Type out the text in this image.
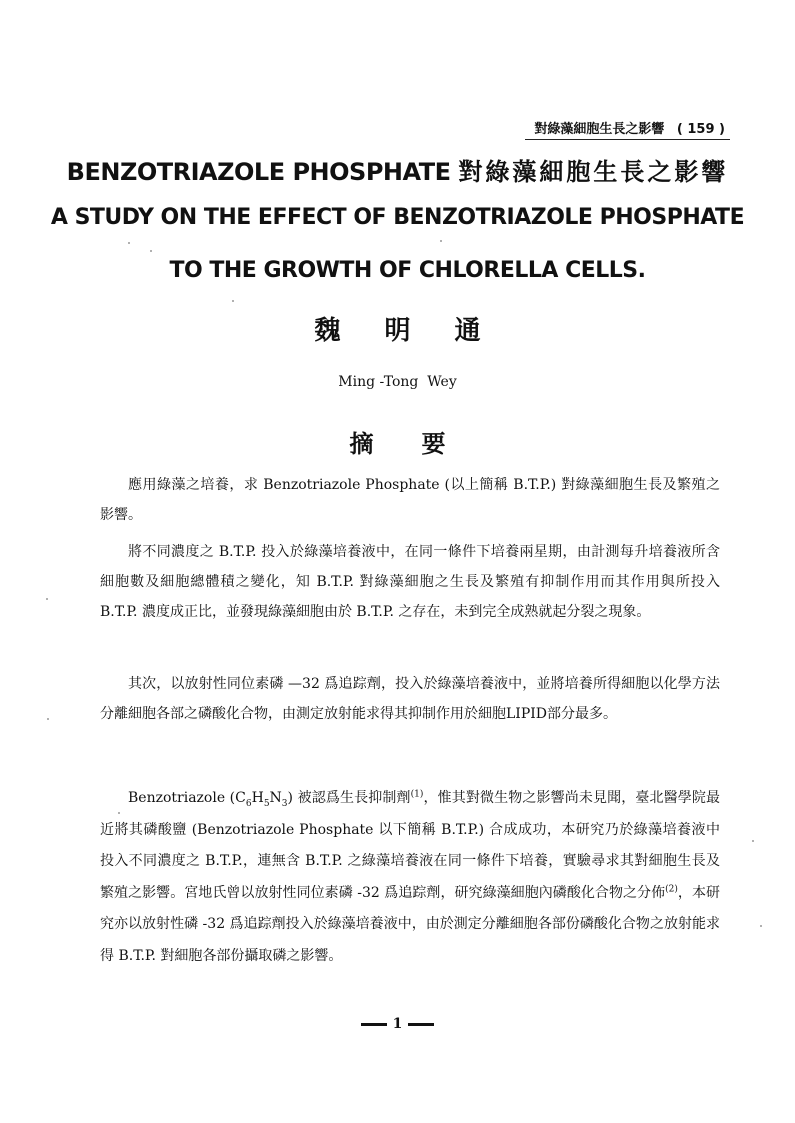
對綠藻細胞生長之影響 ( 159 )
BENZOTRIAZOLE PHOSPHATE 對綠藻細胞生長之影響
A STUDY ON THE EFFECT OF BENZOTRIAZOLE PHOSPHATE
TO THE GROWTH OF CHLORELLA CELLS.
魏明通
Ming -Tong  Wey
摘要

應用綠藻之培養，求 Benzotriazole Phosphate (以上簡稱 B.T.P.) 對綠藻細胞生長及繁殖之影響。

將不同濃度之 B.T.P. 投入於綠藻培養液中，在同一條件下培養兩星期，由計測每升培養液所含細胞數及細胞總體積之變化，知 B.T.P. 對綠藻細胞之生長及繁殖有抑制作用而其作用與所投入 B.T.P. 濃度成正比，並發現綠藻細胞由於 B.T.P. 之存在，未到完全成熟就起分裂之現象。

其次，以放射性同位素磷 —32 爲追踪劑，投入於綠藻培養液中，並將培養所得細胞以化學方法分離細胞各部之磷酸化合物，由測定放射能求得其抑制作用於細胞LIPID部分最多。

Benzotriazole $(C_6H_5N_3)$ 被認爲生長抑制劑$^{(1)}$，惟其對微生物之影響尚未見聞，臺北醫學院最近將其磷酸鹽 (Benzotriazole Phosphate 以下簡稱 B.T.P.) 合成成功，本研究乃於綠藻培養液中投入不同濃度之 B.T.P.，連無含 B.T.P. 之綠藻培養液在同一條件下培養，實驗尋求其對細胞生長及繁殖之影響。宮地氏曾以放射性同位素磷 -32 爲追踪劑，研究綠藻細胞內磷酸化合物之分佈$^{(2)}$，本研究亦以放射性磷 -32 爲追踪劑投入於綠藻培養液中，由於測定分離細胞各部份磷酸化合物之放射能求得 B.T.P. 對細胞各部份攝取磷之影響。

1
